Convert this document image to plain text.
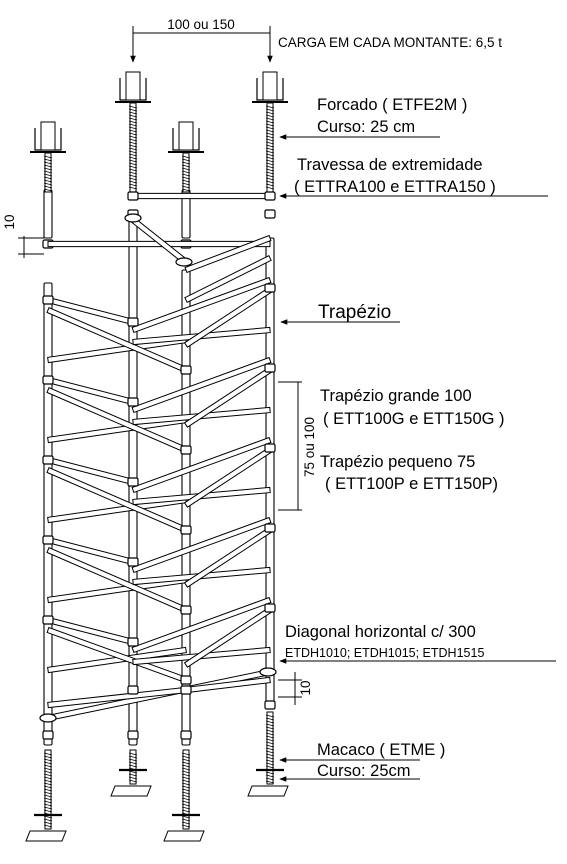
100 ou 150
CARGA EM CADA MONTANTE: 6,5 t
10
75 ou 100
10
Forcado ( ETFE2M )
Curso: 25 cm
Travessa de extremidade
( ETTRA100 e ETTRA150 )
Trapézio
Trapézio grande 100
( ETT100G e ETT150G )
Trapézio pequeno 75
( ETT100P e ETT150P)
Diagonal horizontal c/ 300
ETDH1010; ETDH1015; ETDH1515
Macaco ( ETME )
Curso: 25cm
